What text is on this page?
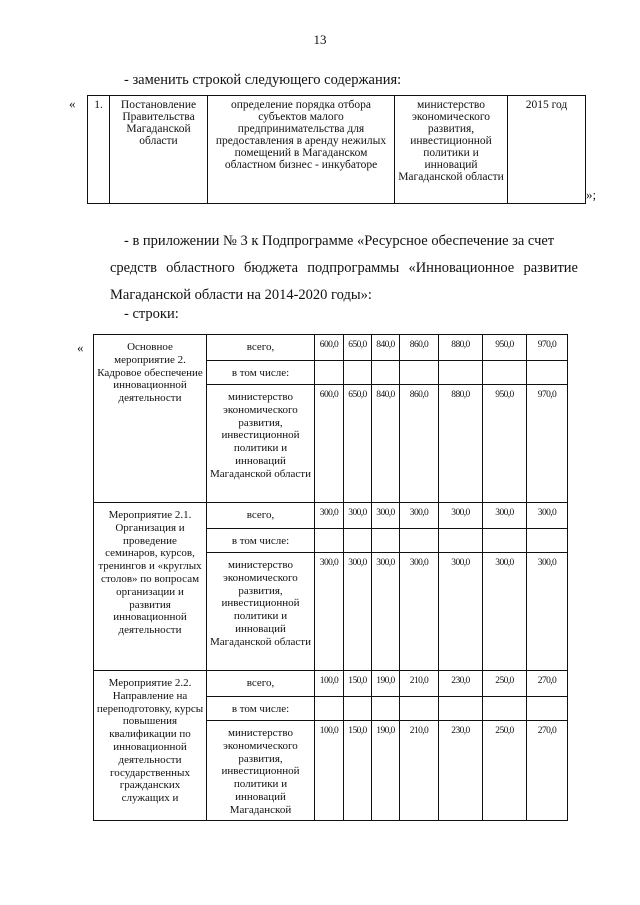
13
- заменить строкой следующего содержания:
« 1.	Постановление Правительства Магаданской области	определение порядка отбора субъектов малого предпринимательства для предоставления в аренду нежилых помещений в Магаданском областном бизнес - инкубаторе	министерство экономического развития, инвестиционной политики и инноваций Магаданской области	2015 год
»;
- в приложении № 3 к Подпрограмме «Ресурсное обеспечение за счет
средств областного бюджета подпрограммы «Инновационное развитие
Магаданской области на 2014-2020 годы»:
- строки:
«	Основное мероприятие 2. Кадровое обеспечение инновационной деятельности	всего,	600,0	650,0	840,0	860,0	880,0	950,0	970,0
	в том числе:							
	министерство экономического развития, инвестиционной политики и инноваций Магаданской области	600,0	650,0	840,0	860,0	880,0	950,0	970,0
Мероприятие 2.1. Организация и проведение семинаров, курсов, тренингов и «круглых столов» по вопросам организации и развития инновационной деятельности	всего,	300,0	300,0	300,0	300,0	300,0	300,0	300,0
	в том числе:							
	министерство экономического развития, инвестиционной политики и инноваций Магаданской области	300,0	300,0	300,0	300,0	300,0	300,0	300,0
Мероприятие 2.2. Направление на переподготовку, курсы повышения квалификации по инновационной деятельности государственных гражданских служащих и	всего,	100,0	150,0	190,0	210,0	230,0	250,0	270,0
	в том числе:							
	министерство экономического развития, инвестиционной политики и инноваций Магаданской	100,0	150,0	190,0	210,0	230,0	250,0	270,0
